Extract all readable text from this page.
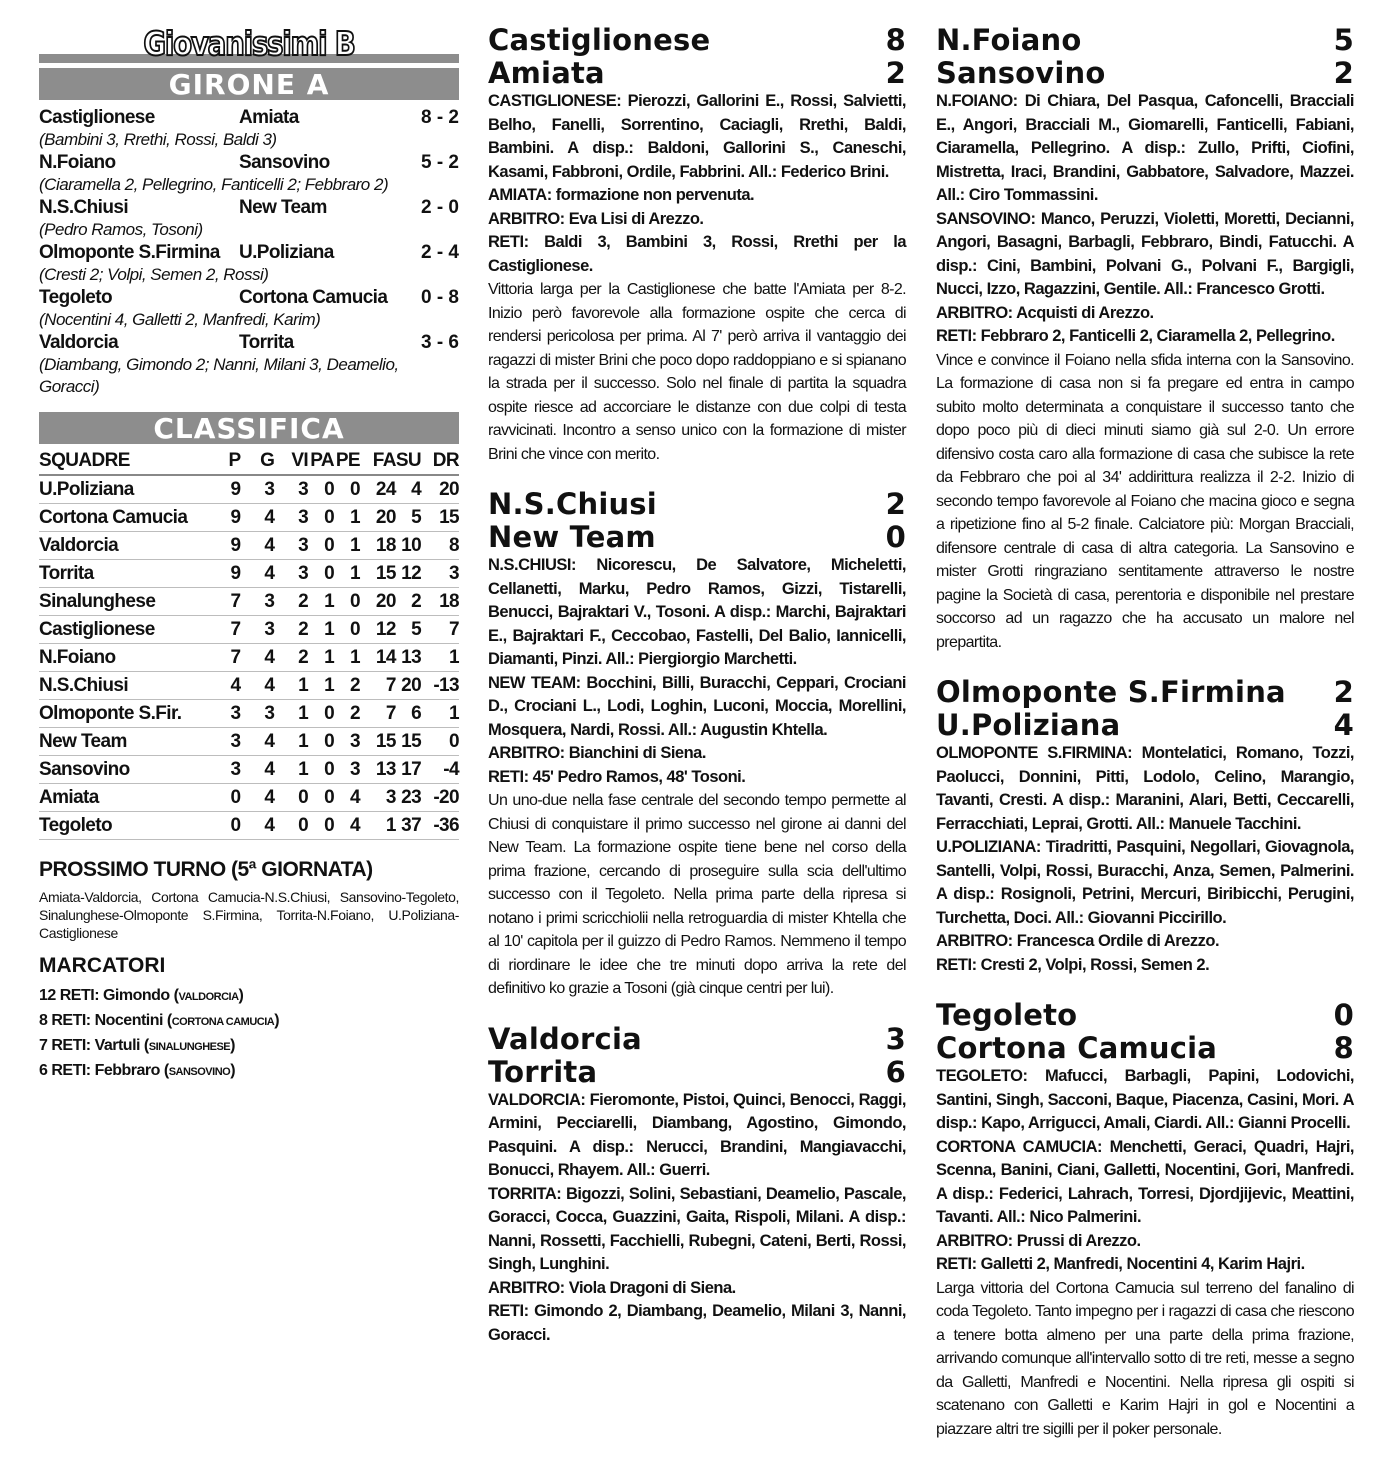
Giovanissimi B
GIRONE A
Castiglionese	Amiata	8 - 2
(Bambini 3, Rrethi, Rossi, Baldi 3)
N.Foiano	Sansovino	5 - 2
(Ciaramella 2, Pellegrino, Fanticelli 2; Febbraro 2)
N.S.Chiusi	New Team	2 - 0
(Pedro Ramos, Tosoni)
Olmoponte S.Firmina	U.Poliziana	2 - 4
(Cresti 2; Volpi, Semen 2, Rossi)
Tegoleto	Cortona Camucia	0 - 8
(Nocentini 4, Galletti 2, Manfredi, Karim)
Valdorcia	Torrita	3 - 6
(Diambang, Gimondo 2; Nanni, Milani 3, Deamelio, Goracci)
CLASSIFICA
SQUADRE	P	G	VI	PA	PE	FA	SU	DR
U.Poliziana	9	3	3	0	0	24	4	20
Cortona Camucia	9	4	3	0	1	20	5	15
Valdorcia	9	4	3	0	1	18	10	8
Torrita	9	4	3	0	1	15	12	3
Sinalunghese	7	3	2	1	0	20	2	18
Castiglionese	7	3	2	1	0	12	5	7
N.Foiano	7	4	2	1	1	14	13	1
N.S.Chiusi	4	4	1	1	2	7	20	-13
Olmoponte S.Fir.	3	3	1	0	2	7	6	1
New Team	3	4	1	0	3	15	15	0
Sansovino	3	4	1	0	3	13	17	-4
Amiata	0	4	0	0	4	3	23	-20
Tegoleto	0	4	0	0	4	1	37	-36
PROSSIMO TURNO (5ª GIORNATA)
Amiata-Valdorcia, Cortona Camucia-N.S.Chiusi, Sansovino-Tegoleto, Sinalunghese-Olmoponte S.Firmina, Torrita-N.Foiano, U.Poliziana-Castiglionese
MARCATORI
12 RETI: Gimondo (VALDORCIA)
8 RETI: Nocentini (CORTONA CAMUCIA)
7 RETI: Vartuli (SINALUNGHESE)
6 RETI: Febbraro (SANSOVINO)
Castiglionese	8
Amiata	2

CASTIGLIONESE: Pierozzi, Gallorini E., Rossi, Salvietti, Belho, Fanelli, Sorrentino, Caciagli, Rrethi, Baldi, Bambini. A disp.: Baldoni, Gallorini S., Caneschi, Kasami, Fabbroni, Ordile, Fabbrini. All.: Federico Brini.

AMIATA: formazione non pervenuta.

ARBITRO: Eva Lisi di Arezzo.

RETI: Baldi 3, Bambini 3, Rossi, Rrethi per la Castiglionese.

Vittoria larga per la Castiglionese che batte l'Amiata per 8-2. Inizio però favorevole alla formazione ospite che cerca di rendersi pericolosa per prima. Al 7' però arriva il vantaggio dei ragazzi di mister Brini che poco dopo raddoppiano e si spianano la strada per il successo. Solo nel finale di partita la squadra ospite riesce ad accorciare le distanze con due colpi di testa ravvicinati. Incontro a senso unico con la formazione di mister Brini che vince con merito.

N.S.Chiusi	2
New Team	0

N.S.CHIUSI: Nicorescu, De Salvatore, Micheletti, Cellanetti, Marku, Pedro Ramos, Gizzi, Tistarelli, Benucci, Bajraktari V., Tosoni. A disp.: Marchi, Bajraktari E., Bajraktari F., Ceccobao, Fastelli, Del Balio, Iannicelli, Diamanti, Pinzi. All.: Piergiorgio Marchetti.

NEW TEAM: Bocchini, Billi, Buracchi, Ceppari, Crociani D., Crociani L., Lodi, Loghin, Luconi, Moccia, Morellini, Mosquera, Nardi, Rossi. All.: Augustin Khtella.

ARBITRO: Bianchini di Siena.

RETI: 45' Pedro Ramos, 48' Tosoni.

Un uno-due nella fase centrale del secondo tempo permette al Chiusi di conquistare il primo successo nel girone ai danni del New Team. La formazione ospite tiene bene nel corso della prima frazione, cercando di proseguire sulla scia dell'ultimo successo con il Tegoleto. Nella prima parte della ripresa si notano i primi scricchiolii nella retroguardia di mister Khtella che al 10' capitola per il guizzo di Pedro Ramos. Nemmeno il tempo di riordinare le idee che tre minuti dopo arriva la rete del definitivo ko grazie a Tosoni (già cinque centri per lui).

Valdorcia	3
Torrita	6

VALDORCIA: Fieromonte, Pistoi, Quinci, Benocci, Raggi, Armini, Pecciarelli, Diambang, Agostino, Gimondo, Pasquini. A disp.: Nerucci, Brandini, Mangiavacchi, Bonucci, Rhayem. All.: Guerri.

TORRITA: Bigozzi, Solini, Sebastiani, Deamelio, Pascale, Goracci, Cocca, Guazzini, Gaita, Rispoli, Milani. A disp.: Nanni, Rossetti, Facchielli, Rubegni, Cateni, Berti, Rossi, Singh, Lunghini.

ARBITRO: Viola Dragoni di Siena.

RETI: Gimondo 2, Diambang, Deamelio, Milani 3, Nanni, Goracci.

N.Foiano	5
Sansovino	2

N.FOIANO: Di Chiara, Del Pasqua, Cafoncelli, Bracciali E., Angori, Bracciali M., Giomarelli, Fanticelli, Fabiani, Ciaramella, Pellegrino. A disp.: Zullo, Prifti, Ciofini, Mistretta, Iraci, Brandini, Gabbatore, Salvadore, Mazzei. All.: Ciro Tommassini.

SANSOVINO: Manco, Peruzzi, Violetti, Moretti, Decianni, Angori, Basagni, Barbagli, Febbraro, Bindi, Fatucchi. A disp.: Cini, Bambini, Polvani G., Polvani F., Bargigli, Nucci, Izzo, Ragazzini, Gentile. All.: Francesco Grotti.

ARBITRO: Acquisti di Arezzo.

RETI: Febbraro 2, Fanticelli 2, Ciaramella 2, Pellegrino.

Vince e convince il Foiano nella sfida interna con la Sansovino. La formazione di casa non si fa pregare ed entra in campo subito molto determinata a conquistare il successo tanto che dopo poco più di dieci minuti siamo già sul 2-0. Un errore difensivo costa caro alla formazione di casa che subisce la rete da Febbraro che poi al 34' addirittura realizza il 2-2. Inizio di secondo tempo favorevole al Foiano che macina gioco e segna a ripetizione fino al 5-2 finale. Calciatore più: Morgan Bracciali, difensore centrale di casa di altra categoria. La Sansovino e mister Grotti ringraziano sentitamente attraverso le nostre pagine la Società di casa, perentoria e disponibile nel prestare soccorso ad un ragazzo che ha accusato un malore nel prepartita.

Olmoponte S.Firmina 2
U.Poliziana	4

OLMOPONTE S.FIRMINA: Montelatici, Romano, Tozzi, Paolucci, Donnini, Pitti, Lodolo, Celino, Marangio, Tavanti, Cresti. A disp.: Maranini, Alari, Betti, Ceccarelli, Ferracchiati, Leprai, Grotti. All.: Manuele Tacchini.

U.POLIZIANA: Tiradritti, Pasquini, Negollari, Giovagnola, Santelli, Volpi, Rossi, Buracchi, Anza, Semen, Palmerini. A disp.: Rosignoli, Petrini, Mercuri, Biribicchi, Perugini, Turchetta, Doci. All.: Giovanni Piccirillo.

ARBITRO: Francesca Ordile di Arezzo.

RETI: Cresti 2, Volpi, Rossi, Semen 2.

Tegoleto	0
Cortona Camucia	8

TEGOLETO: Mafucci, Barbagli, Papini, Lodovichi, Santini, Singh, Sacconi, Baque, Piacenza, Casini, Mori. A disp.: Kapo, Arrigucci, Amali, Ciardi. All.: Gianni Procelli.

CORTONA CAMUCIA: Menchetti, Geraci, Quadri, Hajri, Scenna, Banini, Ciani, Galletti, Nocentini, Gori, Manfredi. A disp.: Federici, Lahrach, Torresi, Djordjijevic, Meattini, Tavanti. All.: Nico Palmerini.

ARBITRO: Prussi di Arezzo.

RETI: Galletti 2, Manfredi, Nocentini 4, Karim Hajri.

Larga vittoria del Cortona Camucia sul terreno del fanalino di coda Tegoleto. Tanto impegno per i ragazzi di casa che riescono a tenere botta almeno per una parte della prima frazione, arrivando comunque all'intervallo sotto di tre reti, messe a segno da Galletti, Manfredi e Nocentini. Nella ripresa gli ospiti si scatenano con Galletti e Karim Hajri in gol e Nocentini a piazzare altri tre sigilli per il poker personale.
